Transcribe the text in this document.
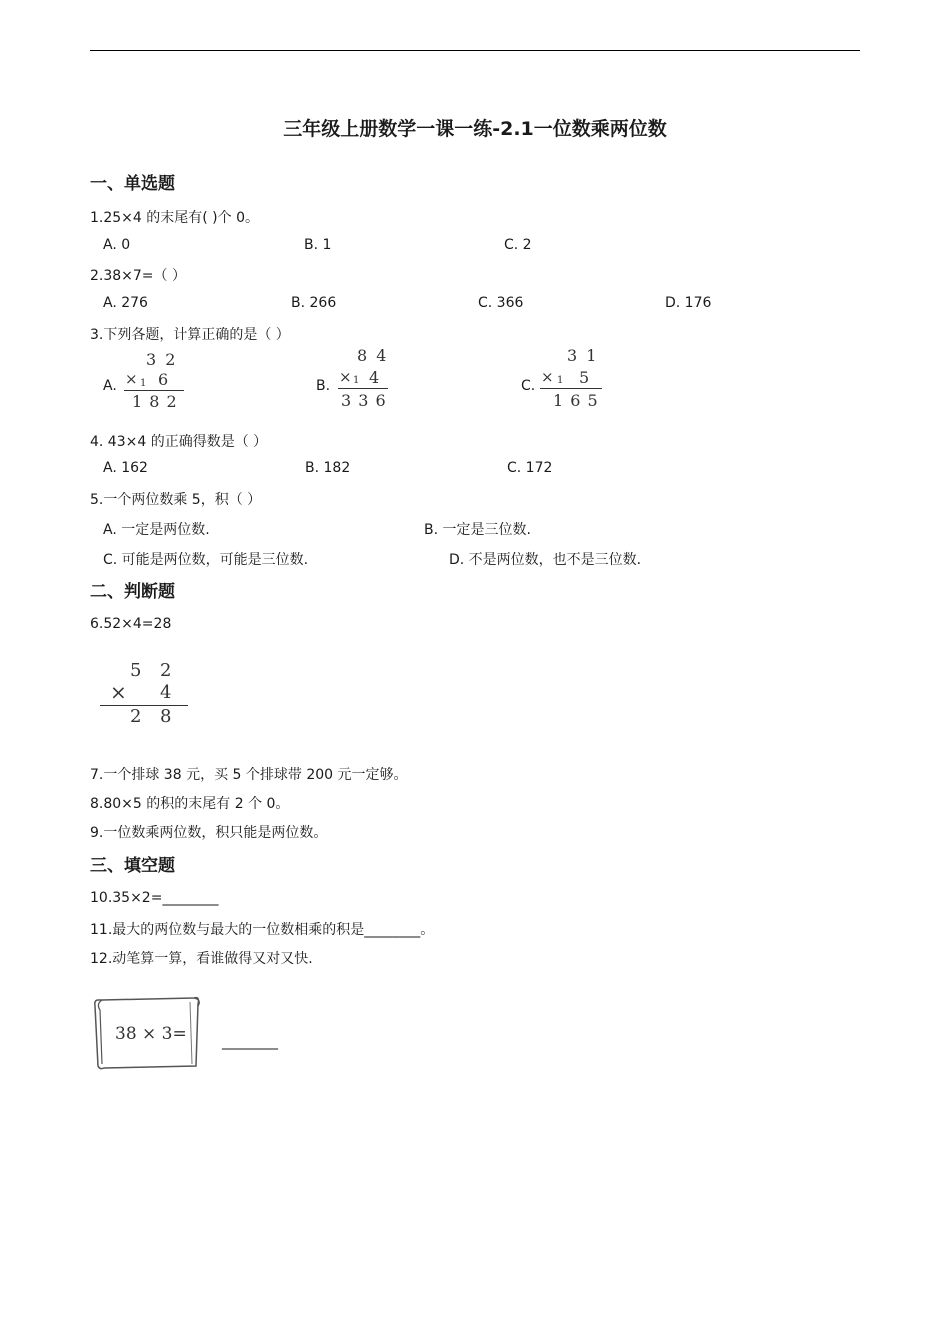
三年级上册数学一课一练-2.1一位数乘两位数
一、单选题
1.25×4 的末尾有( )个 0。
A. 0	B. 1	C. 2
2.38×7=（ ）
A. 276	B. 266	C. 366	D. 176
3.下列各题，计算正确的是（ ）
A.
3 2
× 1 6
1 8 2
B.
8 4
× 1 4
3 3 6
C.
3 1
× 1 5
1 6 5
4. 43×4 的正确得数是（ ）
A. 162	B. 182	C. 172
5.一个两位数乘 5，积（ ）
A. 一定是两位数.	B. 一定是三位数.
C. 可能是两位数，可能是三位数.	D. 不是两位数，也不是三位数.
二、判断题
6.52×4=28
5 2
× 4
2 8
7.一个排球 38 元，买 5 个排球带 200 元一定够。
8.80×5 的积的末尾有 2 个 0。
9.一位数乘两位数，积只能是两位数。
三、填空题
10.35×2=________
11.最大的两位数与最大的一位数相乘的积是________。
12.动笔算一算，看谁做得又对又快.
38 × 3=	________
